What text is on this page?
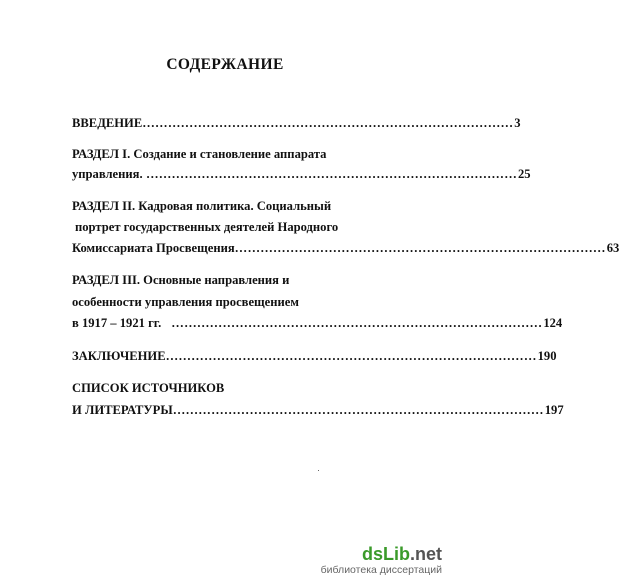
СОДЕРЖАНИЕ
ВВЕДЕНИЕ …………………………………………………………………………… 3
РАЗДЕЛ I. Создание и становление аппарата
управления. …………………………………………………………………………… 25
РАЗДЕЛ II. Кадровая политика. Социальный
портрет государственных деятелей Народного
Комиссариата Просвещения …………………………………………………………………………… 63
РАЗДЕЛ III. Основные направления и
особенности управления просвещением
в 1917 – 1921 гг. …………………………………………………………………………… 124
ЗАКЛЮЧЕНИЕ …………………………………………………………………………… 190
СПИСОК ИСТОЧНИКОВ
И ЛИТЕРАТУРЫ …………………………………………………………………………… 197
dsLib.net
библиотека диссертаций
